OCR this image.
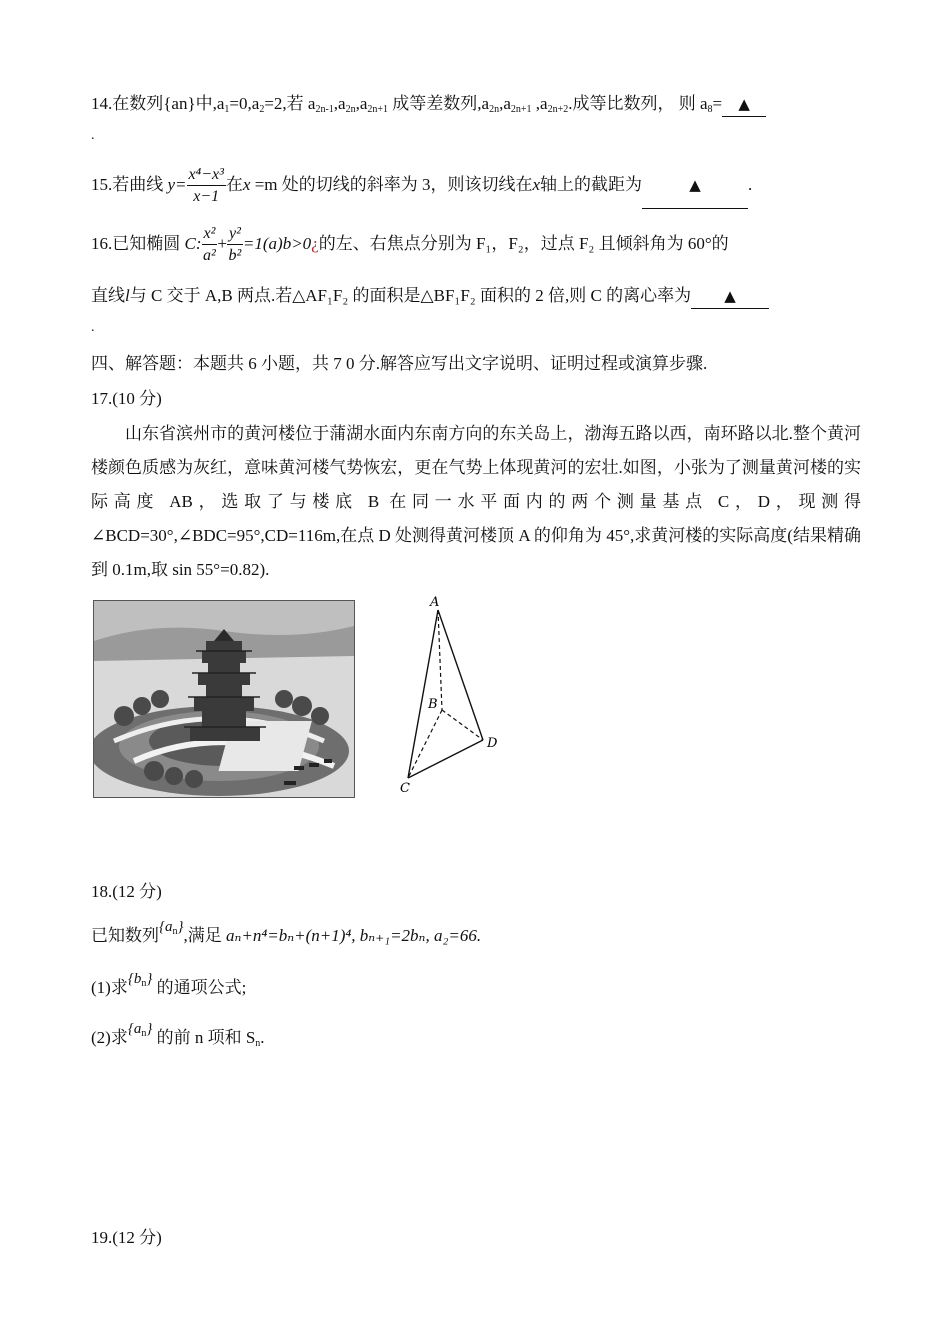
14.在数列{an}中$,a_1=0,a_2=2$,若 $a_{2n-1},a_{2n},a_{2n+1}$ 成等差数列$,a_{2n},a_{2n+1}$ $,a_{2n+2}$.成等比数列， 则 $a_8=$ ▲
.
15.若曲线 $y= \frac{\text{x⁴−x³}}{x-1}$ 在x =m 处的切线的斜率为 3，则该切线在x轴上的截距为	▲	.
16.已知椭圆 C: $\frac{\text{x²}}{\text{a²}} + \frac{\text{y²}}{\text{b²}}$ =1(a)b>0¿的左、右焦点分别为 F₁，F₂，过点 F₂ 且倾斜角为 60°的
直线l与 C 交于 A,B 两点.若△AF₁F₂ 的面积是△BF₁F₂ 面积的 2 倍,则 C 的离心率为 ▲
.
四、解答题：本题共 6 小题，共 7 0 分.解答应写出文字说明、证明过程或演算步骤.
17.(10 分)
山东省滨州市的黄河楼位于蒲湖水面内东南方向的东关岛上，渤海五路以西，南环路以北.整个黄河楼颜色质感为灰红，意味黄河楼气势恢宏，更在气势上体现黄河的宏壮.如图，小张为了测量黄河楼的实际高度 AB，选取了与楼底 B 在同一水平面内的两个测量基点 C，D，现测得∠BCD=30°,∠BDC=95°,CD=116m,在点 D 处测得黄河楼顶 A 的仰角为 45°,求黄河楼的实际高度(结果精确到 0.1m,取 sin 55°=0.82).
A
B
C
D
18.(12 分)
已知数列$\{a_n\}$,满足 aₙ+n⁴=bₙ+(n+1)⁴, bₙ₊₁=2bₙ, a₂=66.
(1)求$\{b_n\}$ 的通项公式;
(2)求$\{a_n\}$ 的前 n 项和 $S_n$.
19.(12 分)
